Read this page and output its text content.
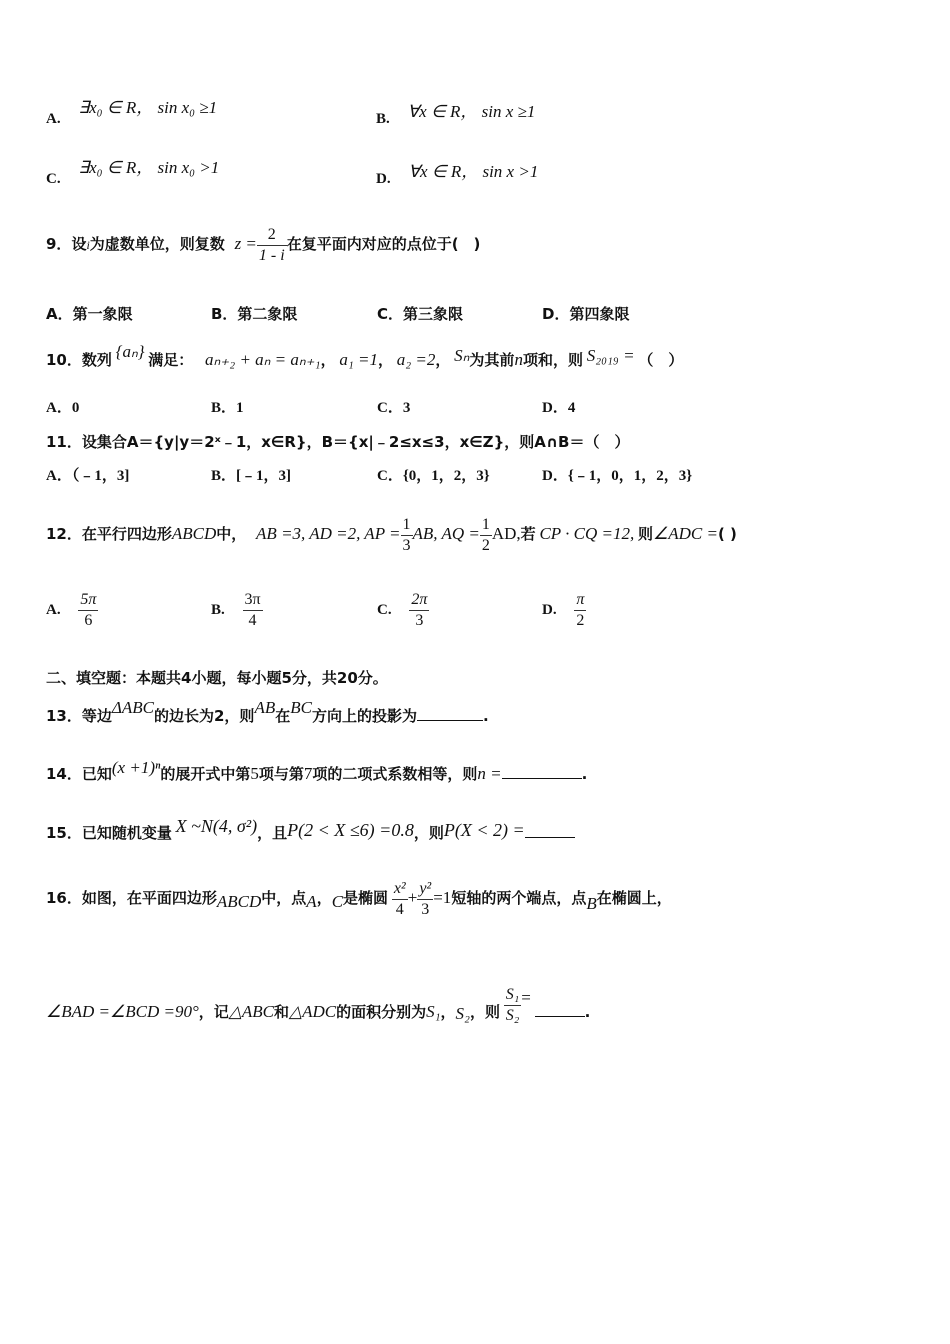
A. ∃x₀ ∈ R， sin x₀ ≥1
B. ∀x ∈ R， sin x ≥1
C. ∃x₀ ∈ R， sin x₀ >1
D. ∀x ∈ R， sin x >1
9．设i为虚数单位，则复数 $z = \frac{2}{1 - i}$ 在复平面内对应的点位于(　)
A．第一象限	B．第二象限	C．第三象限	D．第四象限
10．数列 {aₙ} 满足： aₙ₊₂ + aₙ = aₙ₊₁， a₁ =1， a₂ =2， Sₙ为其前n项和，则 S₂₀₁₉ = （　）
A．0	B．1	C．3	D．4
11．设集合A＝{y|y＝2ˣ﹣1，x∈R}，B＝{x|﹣2≤x≤3，x∈Z}，则A∩B＝（　）
A．（﹣1，3]	B．[﹣1，3]	C．{0，1，2，3}	D．{﹣1，0，1，2，3}
12．在平行四边形ABCD中， AB =3, AD =2, AP = $\frac{1}{3}$ AB, AQ = $\frac{1}{2}$ AD,若 CP · CQ =12, 则∠ADC =( )
A. $\frac{5\pi}{6}$	B. $\frac{3\pi}{4}$	C. $\frac{2\pi}{3}$	D. $\frac{\pi}{2}$
二、填空题：本题共4小题，每小题5分，共20分。
13．等边ΔABC的边长为2，则AB在BC方向上的投影为	.
14．已知(x +1)ⁿ的展开式中第5项与第7项的二项式系数相等，则n =	.
15．已知随机变量 X ~N(4, σ²)，且P(2 < X ≤6) =0.8，则P(X < 2) =
16．如图，在平面四边形ABCD中，点A，C是椭圆 $\frac{\text{x²}}{4} + \frac{\text{y²}}{3} =1$短轴的两个端点，点B在椭圆上，
∠BAD =∠BCD =90°，记△ABC和△ADC的面积分别为S₁，S₂，则 $\frac{\text{S₁}}{\text{S₂}}$ = .
